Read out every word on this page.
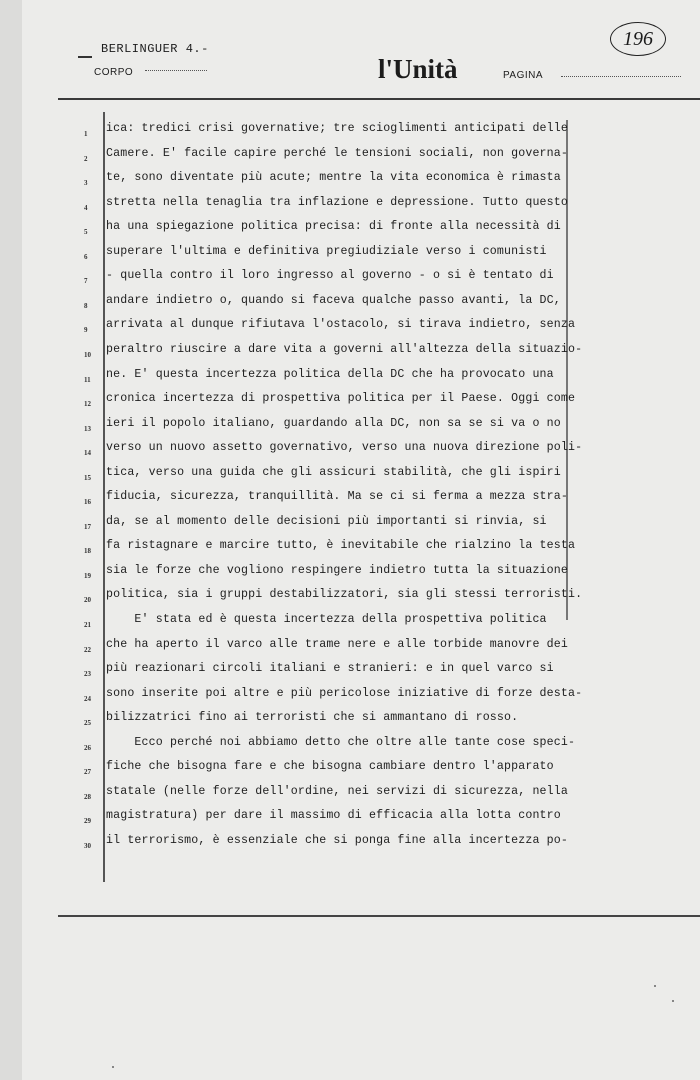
BERLINGUER 4.-
CORPO	l'Unità	PAGINA
196
1	ica: tredici crisi governative; tre scioglimenti anticipati delle
2	Camere. E' facile capire perché le tensioni sociali, non governa-
3	te, sono diventate più acute; mentre la vita economica è rimasta
4	stretta nella tenaglia tra inflazione e depressione. Tutto questo
5	ha una spiegazione politica precisa: di fronte alla necessità di
6	superare l'ultima e definitiva pregiudiziale verso i comunisti
7	- quella contro il loro ingresso al governo - o si è tentato di
8	andare indietro o, quando si faceva qualche passo avanti, la DC,
9	arrivata al dunque rifiutava l'ostacolo, si tirava indietro, senza
10	peraltro riuscire a dare vita a governi all'altezza della situazio-
11	ne. E' questa incertezza politica della DC che ha provocato una
12	cronica incertezza di prospettiva politica per il Paese. Oggi come
13	ieri il popolo italiano, guardando alla DC, non sa se si va o no
14	verso un nuovo assetto governativo, verso una nuova direzione poli-
15	tica, verso una guida che gli assicuri stabilità, che gli ispiri
16	fiducia, sicurezza, tranquillità. Ma se ci si ferma a mezza stra-
17	da, se al momento delle decisioni più importanti si rinvia, si
18	fa ristagnare e marcire tutto, è inevitabile che rialzino la testa
19	sia le forze che vogliono respingere indietro tutta la situazione
20	politica, sia i gruppi destabilizzatori, sia gli stessi terroristi.
21	E' stata ed è questa incertezza della prospettiva politica
22	che ha aperto il varco alle trame nere e alle torbide manovre dei
23	più reazionari circoli italiani e stranieri: e in quel varco si
24	sono inserite poi altre e più pericolose iniziative di forze desta-
25	bilizzatrici fino ai terroristi che si ammantano di rosso.
26	Ecco perché noi abbiamo detto che oltre alle tante cose speci-
27	fiche che bisogna fare e che bisogna cambiare dentro l'apparato
28	statale (nelle forze dell'ordine, nei servizi di sicurezza, nella
29	magistratura) per dare il massimo di efficacia alla lotta contro
30	il terrorismo, è essenziale che si ponga fine alla incertezza po-
